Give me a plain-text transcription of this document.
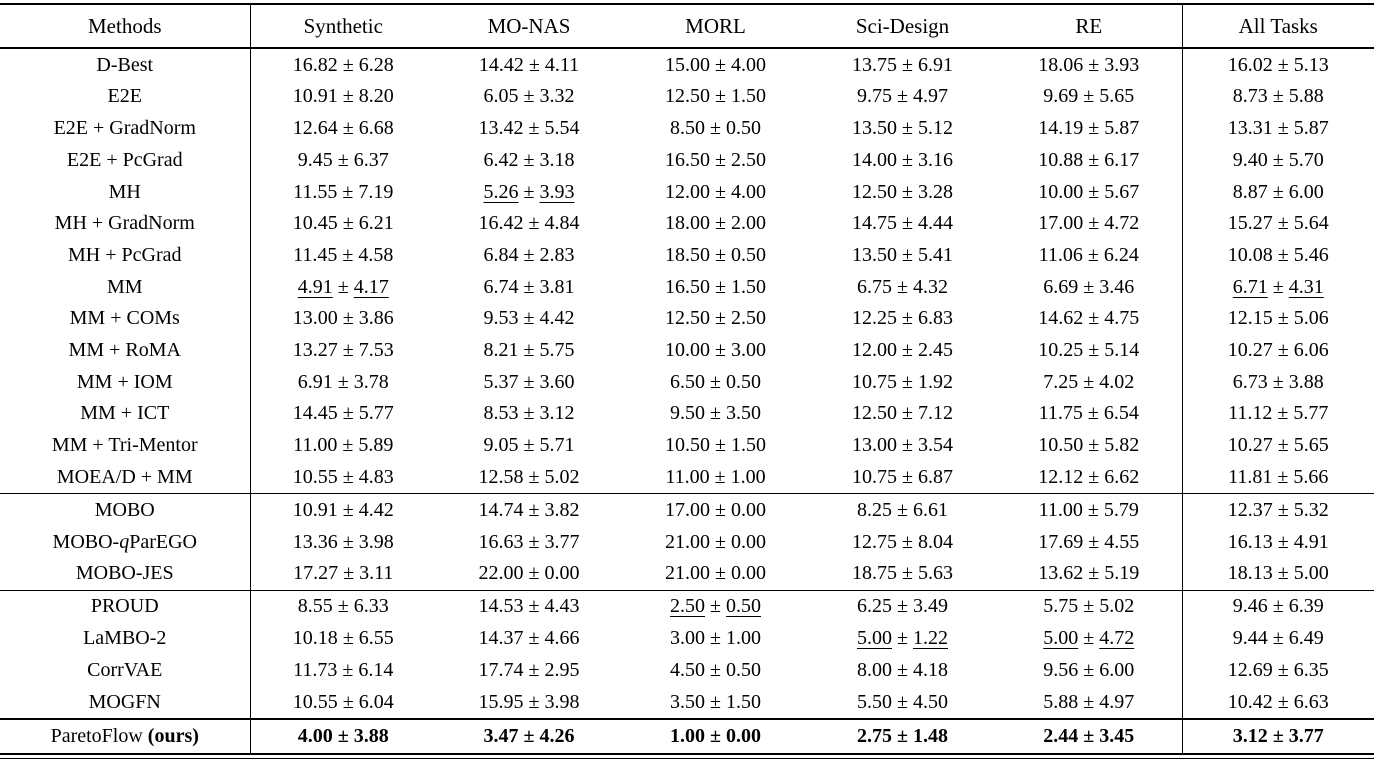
Methods	Synthetic	MO-NAS	MORL	Sci-Design	RE	All Tasks
D-Best	16.82 ± 6.28	14.42 ± 4.11	15.00 ± 4.00	13.75 ± 6.91	18.06 ± 3.93	16.02 ± 5.13
E2E	10.91 ± 8.20	6.05 ± 3.32	12.50 ± 1.50	9.75 ± 4.97	9.69 ± 5.65	8.73 ± 5.88
E2E + GradNorm	12.64 ± 6.68	13.42 ± 5.54	8.50 ± 0.50	13.50 ± 5.12	14.19 ± 5.87	13.31 ± 5.87
E2E + PcGrad	9.45 ± 6.37	6.42 ± 3.18	16.50 ± 2.50	14.00 ± 3.16	10.88 ± 6.17	9.40 ± 5.70
MH	11.55 ± 7.19	5.26 ± 3.93	12.00 ± 4.00	12.50 ± 3.28	10.00 ± 5.67	8.87 ± 6.00
MH + GradNorm	10.45 ± 6.21	16.42 ± 4.84	18.00 ± 2.00	14.75 ± 4.44	17.00 ± 4.72	15.27 ± 5.64
MH + PcGrad	11.45 ± 4.58	6.84 ± 2.83	18.50 ± 0.50	13.50 ± 5.41	11.06 ± 6.24	10.08 ± 5.46
MM	4.91 ± 4.17	6.74 ± 3.81	16.50 ± 1.50	6.75 ± 4.32	6.69 ± 3.46	6.71 ± 4.31
MM + COMs	13.00 ± 3.86	9.53 ± 4.42	12.50 ± 2.50	12.25 ± 6.83	14.62 ± 4.75	12.15 ± 5.06
MM + RoMA	13.27 ± 7.53	8.21 ± 5.75	10.00 ± 3.00	12.00 ± 2.45	10.25 ± 5.14	10.27 ± 6.06
MM + IOM	6.91 ± 3.78	5.37 ± 3.60	6.50 ± 0.50	10.75 ± 1.92	7.25 ± 4.02	6.73 ± 3.88
MM + ICT	14.45 ± 5.77	8.53 ± 3.12	9.50 ± 3.50	12.50 ± 7.12	11.75 ± 6.54	11.12 ± 5.77
MM + Tri-Mentor	11.00 ± 5.89	9.05 ± 5.71	10.50 ± 1.50	13.00 ± 3.54	10.50 ± 5.82	10.27 ± 5.65
MOEA/D + MM	10.55 ± 4.83	12.58 ± 5.02	11.00 ± 1.00	10.75 ± 6.87	12.12 ± 6.62	11.81 ± 5.66
MOBO	10.91 ± 4.42	14.74 ± 3.82	17.00 ± 0.00	8.25 ± 6.61	11.00 ± 5.79	12.37 ± 5.32
MOBO-qParEGO	13.36 ± 3.98	16.63 ± 3.77	21.00 ± 0.00	12.75 ± 8.04	17.69 ± 4.55	16.13 ± 4.91
MOBO-JES	17.27 ± 3.11	22.00 ± 0.00	21.00 ± 0.00	18.75 ± 5.63	13.62 ± 5.19	18.13 ± 5.00
PROUD	8.55 ± 6.33	14.53 ± 4.43	2.50 ± 0.50	6.25 ± 3.49	5.75 ± 5.02	9.46 ± 6.39
LaMBO-2	10.18 ± 6.55	14.37 ± 4.66	3.00 ± 1.00	5.00 ± 1.22	5.00 ± 4.72	9.44 ± 6.49
CorrVAE	11.73 ± 6.14	17.74 ± 2.95	4.50 ± 0.50	8.00 ± 4.18	9.56 ± 6.00	12.69 ± 6.35
MOGFN	10.55 ± 6.04	15.95 ± 3.98	3.50 ± 1.50	5.50 ± 4.50	5.88 ± 4.97	10.42 ± 6.63
ParetoFlow (ours)	4.00 ± 3.88	3.47 ± 4.26	1.00 ± 0.00	2.75 ± 1.48	2.44 ± 3.45	3.12 ± 3.77
